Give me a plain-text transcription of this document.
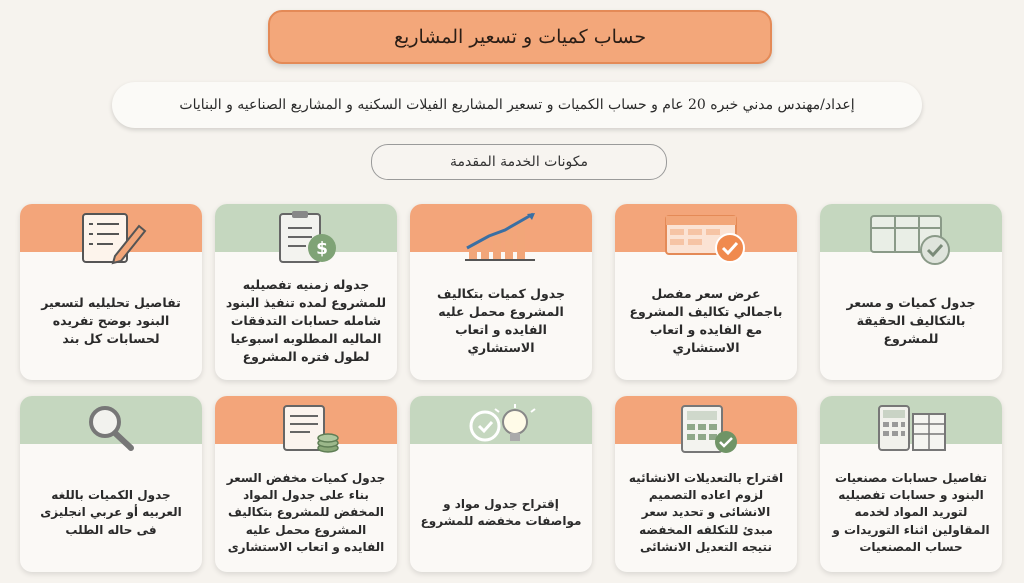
حساب كميات و تسعير المشاريع
إعداد/مهندس مدني خبره 20 عام و حساب الكميات و تسعير المشاريع الفيلات السكنيه و المشاريع الصناعيه و البنايات
مكونات الخدمة المقدمة
جدول كميات و مسعر بالتكاليف الحقيقة للمشروع
عرض سعر مفصل باجمالي تكاليف المشروع مع الفايده و اتعاب الاستشاري
جدول كميات بتكاليف المشروع محمل عليه الفايده و اتعاب الاستشاري
$
جدوله زمنيه تفصيليه للمشروع لمده تنفيذ البنود شامله حسابات التدفقات الماليه المطلوبه اسبوعيا لطول فتره المشروع
تفاصيل تحليليه لتسعير البنود بوضح تفريده لحسابات كل بند
تفاصيل حسابات مصنعيات البنود و حسابات تفصيليه لتوريد المواد لخدمه المقاولين اثناء التوريدات و حساب المصنعيات
اقتراح بالتعديلات الانشائيه لزوم اعاده التصميم الانشائى و تحديد سعر مبدئ للتكلفه المخفضه نتيجه التعديل الانشائى
إقتراح جدول مواد و مواصفات مخفضه للمشروع
جدول كميات مخفض السعر بناء على جدول المواد المخفض للمشروع بتكاليف المشروع محمل عليه الفايده و اتعاب الاستشارى
جدول الكميات باللغه العربيه أو عربي انجليزى فى حاله الطلب
